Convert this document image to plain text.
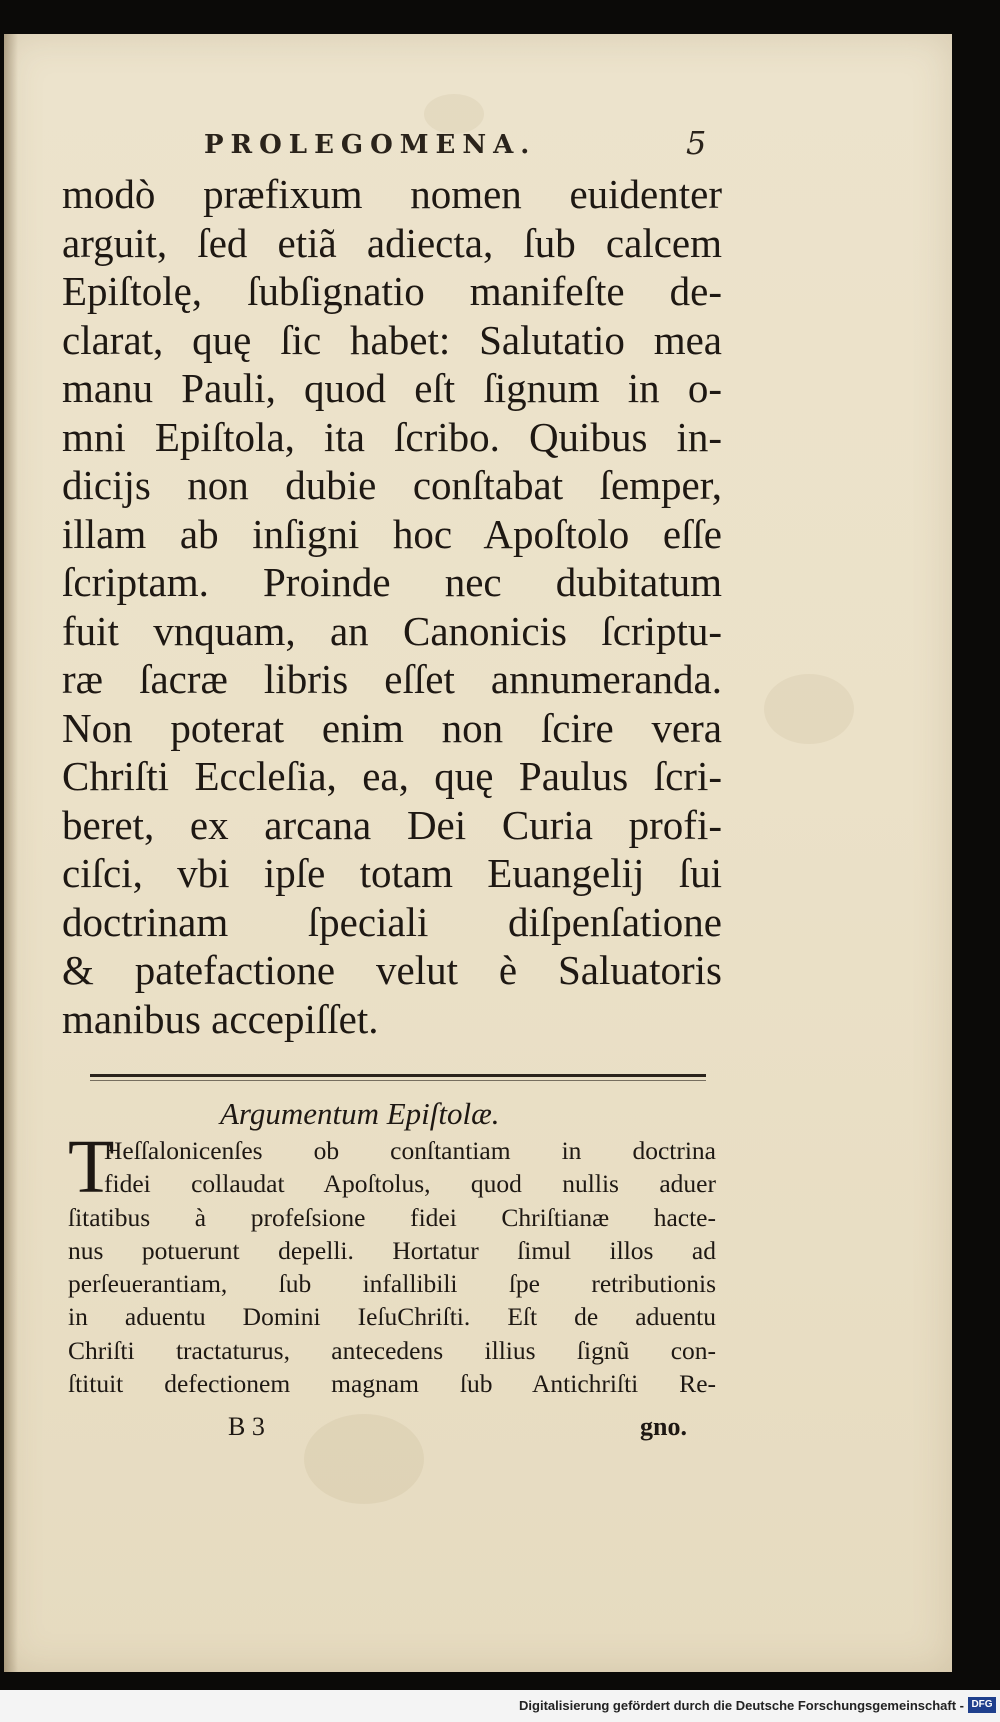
PROLEGOMENA.	5
modò præfixum nomen euidenter
arguit, ſed etiã adiecta, ſub calcem
Epiſtolę, ſubſignatio manifeſte de-
clarat, quę ſic habet: Salutatio mea
manu Pauli, quod eſt ſignum in o-
mni Epiſtola, ita ſcribo. Quibus in-
dicijs non dubie conſtabat ſemper,
illam ab inſigni hoc Apoſtolo eſſe
ſcriptam. Proinde nec dubitatum
fuit vnquam, an Canonicis ſcriptu-
ræ ſacræ libris eſſet annumeranda.
Non poterat enim non ſcire vera
Chriſti Eccleſia, ea, quę Paulus ſcri-
beret, ex arcana Dei Curia profi-
ciſci, vbi ipſe totam Euangelij ſui
doctrinam ſpeciali diſpenſatione
& patefactione velut è Saluatoris
manibus accepiſſet.
Argumentum Epiſtolæ.
T
Heſſalonicenſes ob conſtantiam in doctrina
fidei collaudat Apoſtolus, quod nullis aduer
ſitatibus à profeſsione fidei Chriſtianæ hacte-
nus potuerunt depelli. Hortatur ſimul illos ad
perſeuerantiam, ſub infallibili ſpe retributionis
in aduentu Domini IeſuChriſti. Eſt de aduentu
Chriſti tractaturus, antecedens illius ſignũ con-
ſtituit defectionem magnam ſub Antichriſti Re-
B 3	gno.
Digitalisierung gefördert durch die Deutsche Forschungsgemeinschaft - DFG
